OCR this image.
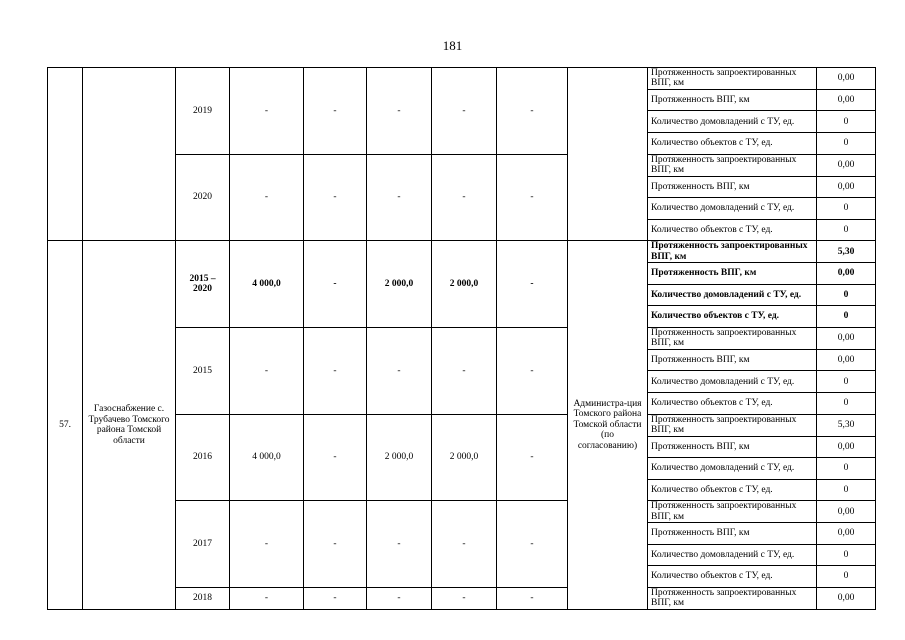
181
		2019	-	-	-	-	-		Протяженность запроектированных ВПГ, км	0,00
									Протяженность ВПГ, км	0,00
									Количество домовладений с ТУ, ед.	0
									Количество объектов с ТУ, ед.	0
		2020	-	-	-	-	-		Протяженность запроектированных ВПГ, км	0,00
									Протяженность ВПГ, км	0,00
									Количество домовладений с ТУ, ед.	0
									Количество объектов с ТУ, ед.	0
57.	Газоснабжение с. Трубачево Томского района Томской области	2015 – 2020	4 000,0	-	2 000,0	2 000,0	-	Администра-ция Томского района Томской области (по согласованию)	Протяженность запроектированных ВПГ, км	5,30
									Протяженность ВПГ, км	0,00
									Количество домовладений с ТУ, ед.	0
									Количество объектов с ТУ, ед.	0
		2015	-	-	-	-	-		Протяженность запроектированных ВПГ, км	0,00
									Протяженность ВПГ, км	0,00
									Количество домовладений с ТУ, ед.	0
									Количество объектов с ТУ, ед.	0
		2016	4 000,0	-	2 000,0	2 000,0	-		Протяженность запроектированных ВПГ, км	5,30
									Протяженность ВПГ, км	0,00
									Количество домовладений с ТУ, ед.	0
									Количество объектов с ТУ, ед.	0
		2017	-	-	-	-	-		Протяженность запроектированных ВПГ, км	0,00
									Протяженность ВПГ, км	0,00
									Количество домовладений с ТУ, ед.	0
									Количество объектов с ТУ, ед.	0
		2018	-	-	-	-	-		Протяженность запроектированных ВПГ, км	0,00
